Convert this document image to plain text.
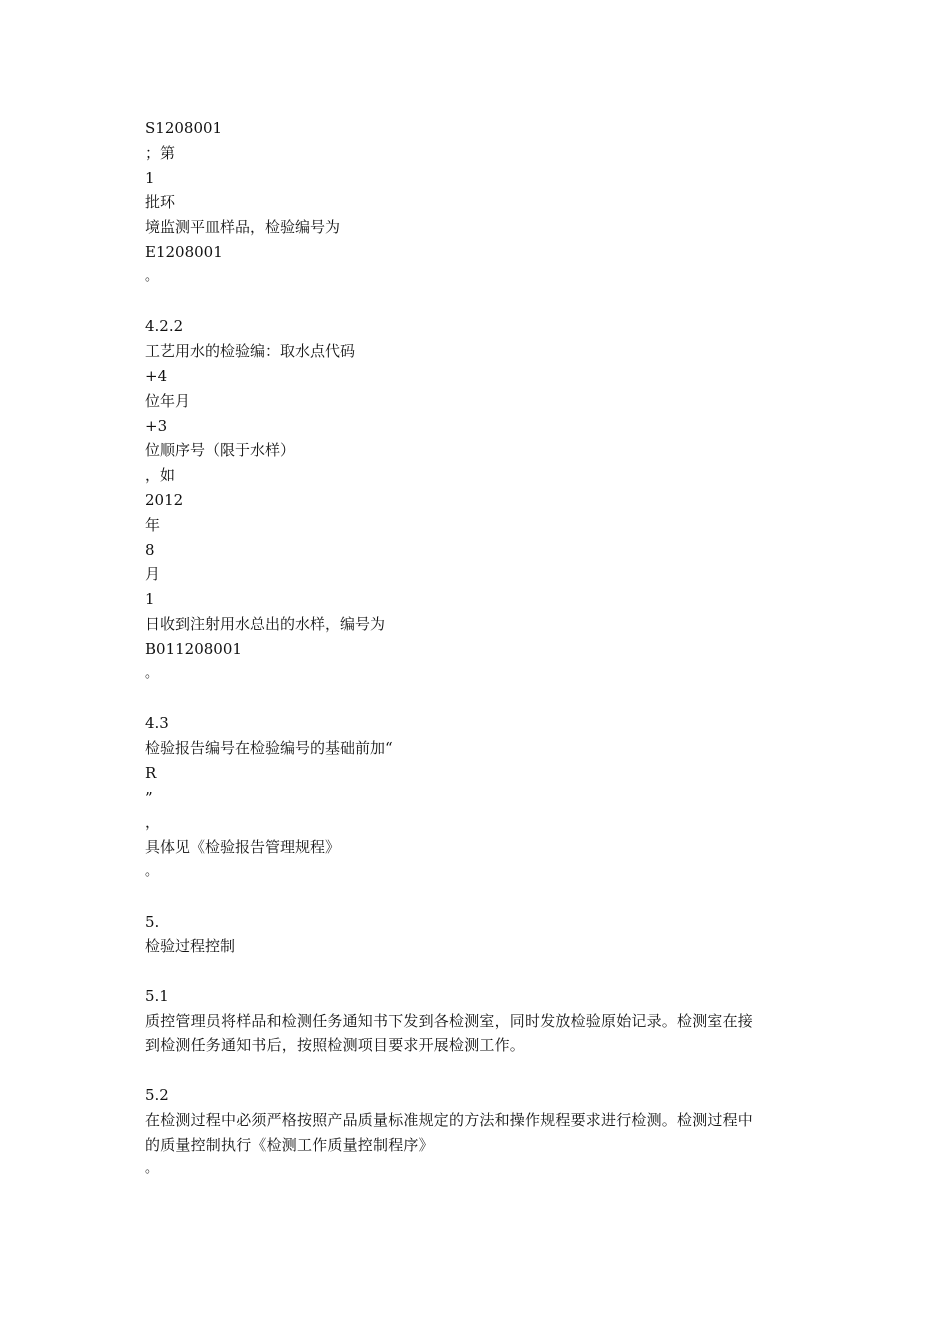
S1208001
；第
1
批环
境监测平皿样品，检验编号为
E1208001
。
4.2.2
工艺用水的检验编：取水点代码
+4
位年月
+3
位顺序号（限于水样）
，如
2012
年
8
月
1
日收到注射用水总出的水样，编号为
B011208001
。
4.3
检验报告编号在检验编号的基础前加“
R
”
，
具体见《检验报告管理规程》
。
5.
检验过程控制
5.1
质控管理员将样品和检测任务通知书下发到各检测室，同时发放检验原始记录。检测室在接到检测任务通知书后，按照检测项目要求开展检测工作。
5.2
在检测过程中必须严格按照产品质量标准规定的方法和操作规程要求进行检测。检测过程中的质量控制执行《检测工作质量控制程序》
。
